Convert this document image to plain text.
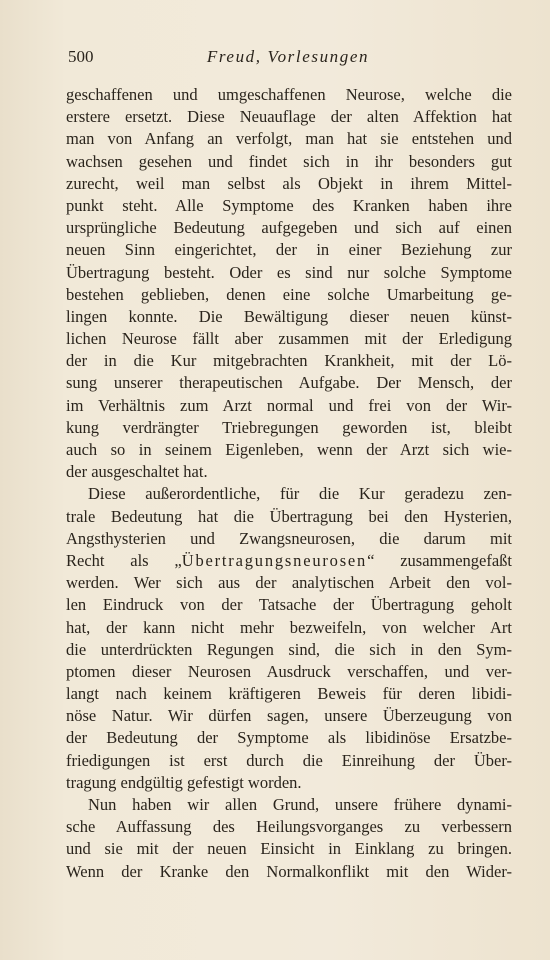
500	Freud, Vorlesungen
geschaffenen und umgeschaffenen Neurose, welche die
erstere ersetzt. Diese Neuauflage der alten Affektion hat
man von Anfang an verfolgt, man hat sie entstehen und
wachsen gesehen und findet sich in ihr besonders gut
zurecht, weil man selbst als Objekt in ihrem Mittel-
punkt steht. Alle Symptome des Kranken haben ihre
ursprüngliche Bedeutung aufgegeben und sich auf einen
neuen Sinn eingerichtet, der in einer Beziehung zur
Übertragung besteht. Oder es sind nur solche Symptome
bestehen geblieben, denen eine solche Umarbeitung ge-
lingen konnte. Die Bewältigung dieser neuen künst-
lichen Neurose fällt aber zusammen mit der Erledigung
der in die Kur mitgebrachten Krankheit, mit der Lö-
sung unserer therapeutischen Aufgabe. Der Mensch, der
im Verhältnis zum Arzt normal und frei von der Wir-
kung verdrängter Triebregungen geworden ist, bleibt
auch so in seinem Eigenleben, wenn der Arzt sich wie-
der ausgeschaltet hat.
Diese außerordentliche, für die Kur geradezu zen-
trale Bedeutung hat die Übertragung bei den Hysterien,
Angsthysterien und Zwangsneurosen, die darum mit
Recht als „Übertragungsneurosen“ zusammengefaßt
werden. Wer sich aus der analytischen Arbeit den vol-
len Eindruck von der Tatsache der Übertragung geholt
hat, der kann nicht mehr bezweifeln, von welcher Art
die unterdrückten Regungen sind, die sich in den Sym-
ptomen dieser Neurosen Ausdruck verschaffen, und ver-
langt nach keinem kräftigeren Beweis für deren libidi-
nöse Natur. Wir dürfen sagen, unsere Überzeugung von
der Bedeutung der Symptome als libidinöse Ersatzbe-
friedigungen ist erst durch die Einreihung der Über-
tragung endgültig gefestigt worden.
Nun haben wir allen Grund, unsere frühere dynami-
sche Auffassung des Heilungsvorganges zu verbessern
und sie mit der neuen Einsicht in Einklang zu bringen.
Wenn der Kranke den Normalkonflikt mit den Wider-
